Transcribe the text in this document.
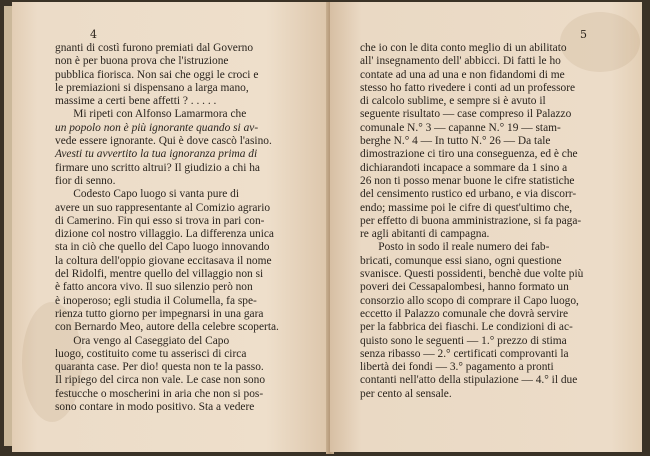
4

gnanti di costì furono premiati dal Governo

non è per buona prova che l'istruzione

pubblica fiorisca. Non sai che oggi le croci e

le premiazioni si dispensano a larga mano,

massime a certi bene affetti ? . . . . .

Mi ripeti con Alfonso Lamarmora che

un popolo non è più ignorante quando si av-

vede essere ignorante. Qui è dove cascò l'asino.

Avesti tu avvertito la tua ignoranza prima di

firmare uno scritto altrui? Il giudizio a chi ha

fior di senno.

Codesto Capo luogo si vanta pure di

avere un suo rappresentante al Comizio agrario

di Camerino. Fin qui esso si trova in pari con-

dizione col nostro villaggio. La differenza unica

sta in ciò che quello del Capo luogo innovando

la coltura dell'oppio giovane eccitasava il nome

del Ridolfi, mentre quello del villaggio non si

è fatto ancora vivo. Il suo silenzio però non

è inoperoso; egli studia il Columella, fa spe-

rienza tutto giorno per impegnarsi in una gara

con Bernardo Meo, autore della celebre scoperta.

Ora vengo al Caseggiato del Capo

luogo, costituito come tu asserisci di circa

quaranta case. Per dio! questa non te la passo.

Il ripiego del circa non vale. Le case non sono

festucche o moscherini in aria che non si pos-

sono contare in modo positivo. Sta a vedere

5

che io con le dita conto meglio di un abilitato

all' insegnamento dell' abbicci. Di fatti le ho

contate ad una ad una e non fidandomi di me

stesso ho fatto rivedere i conti ad un professore

di calcolo sublime, e sempre si è avuto il

seguente risultato — case compreso il Palazzo

comunale N.° 3 — capanne N.° 19 — stam-

berghe N.° 4 — In tutto N.° 26 — Da tale

dimostrazione ci tiro una conseguenza, ed è che

dichiarandoti incapace a sommare da 1 sino a

26 non ti posso menar buone le cifre statistiche

del censimento rustico ed urbano, e via discorr-

endo; massime poi le cifre di quest'ultimo che,

per effetto di buona amministrazione, si fa paga-

re agli abitanti di campagna.

Posto in sodo il reale numero dei fab-

bricati, comunque essi siano, ogni questione

svanisce. Questi possidenti, benchè due volte più

poveri dei Cessapalombesi, hanno formato un

consorzio allo scopo di comprare il Capo luogo,

eccetto il Palazzo comunale che dovrà servire

per la fabbrica dei fiaschi. Le condizioni di ac-

quisto sono le seguenti — 1.° prezzo di stima

senza ribasso — 2.° certificati comprovanti la

libertà dei fondi — 3.° pagamento a pronti

contanti nell'atto della stipulazione — 4.° il due

per cento al sensale.
